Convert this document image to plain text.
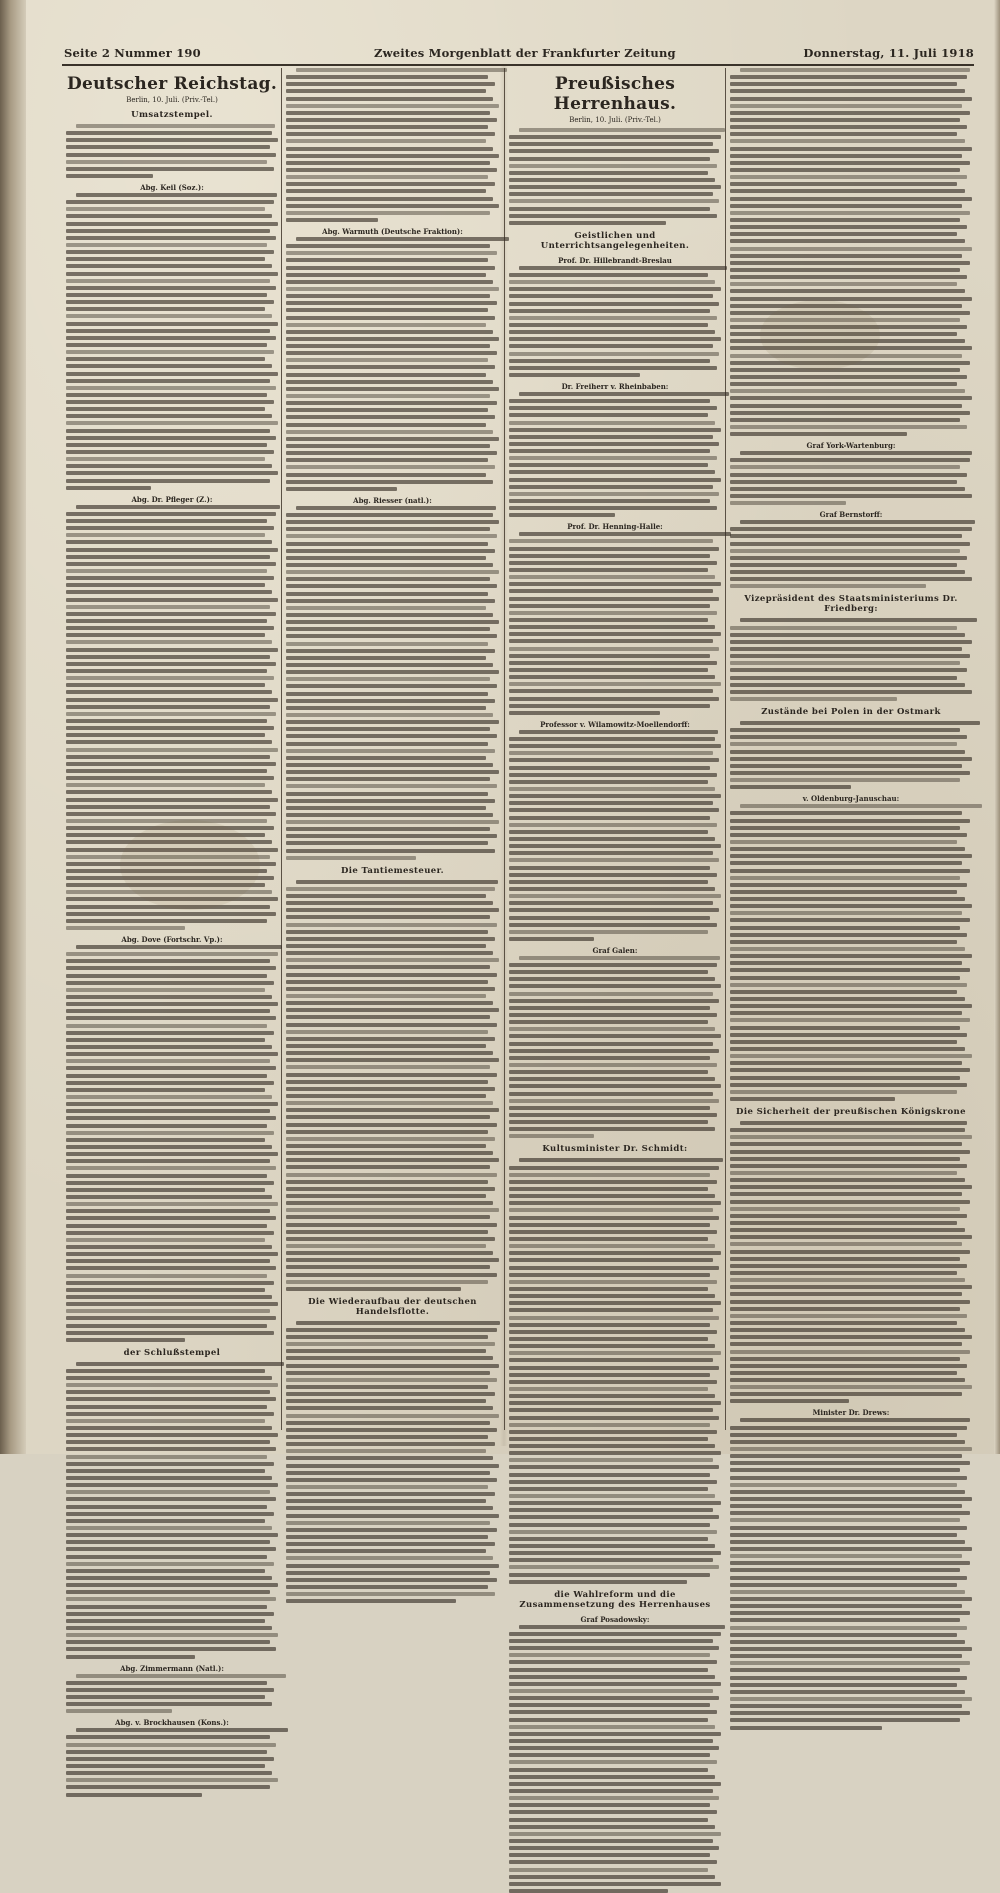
Seite 2 Nummer 190	Zweites Morgenblatt der Frankfurter Zeitung	Donnerstag, 11. Juli 1918
Deutscher Reichstag.
Berlin, 10. Juli. (Priv.-Tel.)
Umsatzstempel.
Abg. Keil (Soz.):
Abg. Dr. Pfleger (Z.):
Abg. Dove (Fortschr. Vp.):
der Schlußstempel
Abg. Zimmermann (Natl.):
Abg. v. Brockhausen (Kons.):
Abg. Warmuth (Deutsche Fraktion):
Abg. Riesser (natl.):
Die Tantiemesteuer.
Die Wiederaufbau der deutschen Handelsflotte.
Preußisches Herrenhaus.
Berlin, 10. Juli. (Priv.-Tel.)
Geistlichen und Unterrichtsangelegenheiten.
Prof. Dr. Hillebrandt-Breslau
Dr. Freiherr v. Rheinbaben:
Prof. Dr. Henning-Halle:
Professor v. Wilamowitz-Moellendorff:
Graf Galen:
Kultusminister Dr. Schmidt:
die Wahlreform und die Zusammensetzung des Herrenhauses
Graf Posadowsky:
Graf York-Wartenburg:
Graf Bernstorff:
Vizepräsident des Staatsministeriums Dr. Friedberg:
Zustände bei Polen in der Ostmark
v. Oldenburg-Januschau:
Die Sicherheit der preußischen Königskrone
Minister Dr. Drews:
